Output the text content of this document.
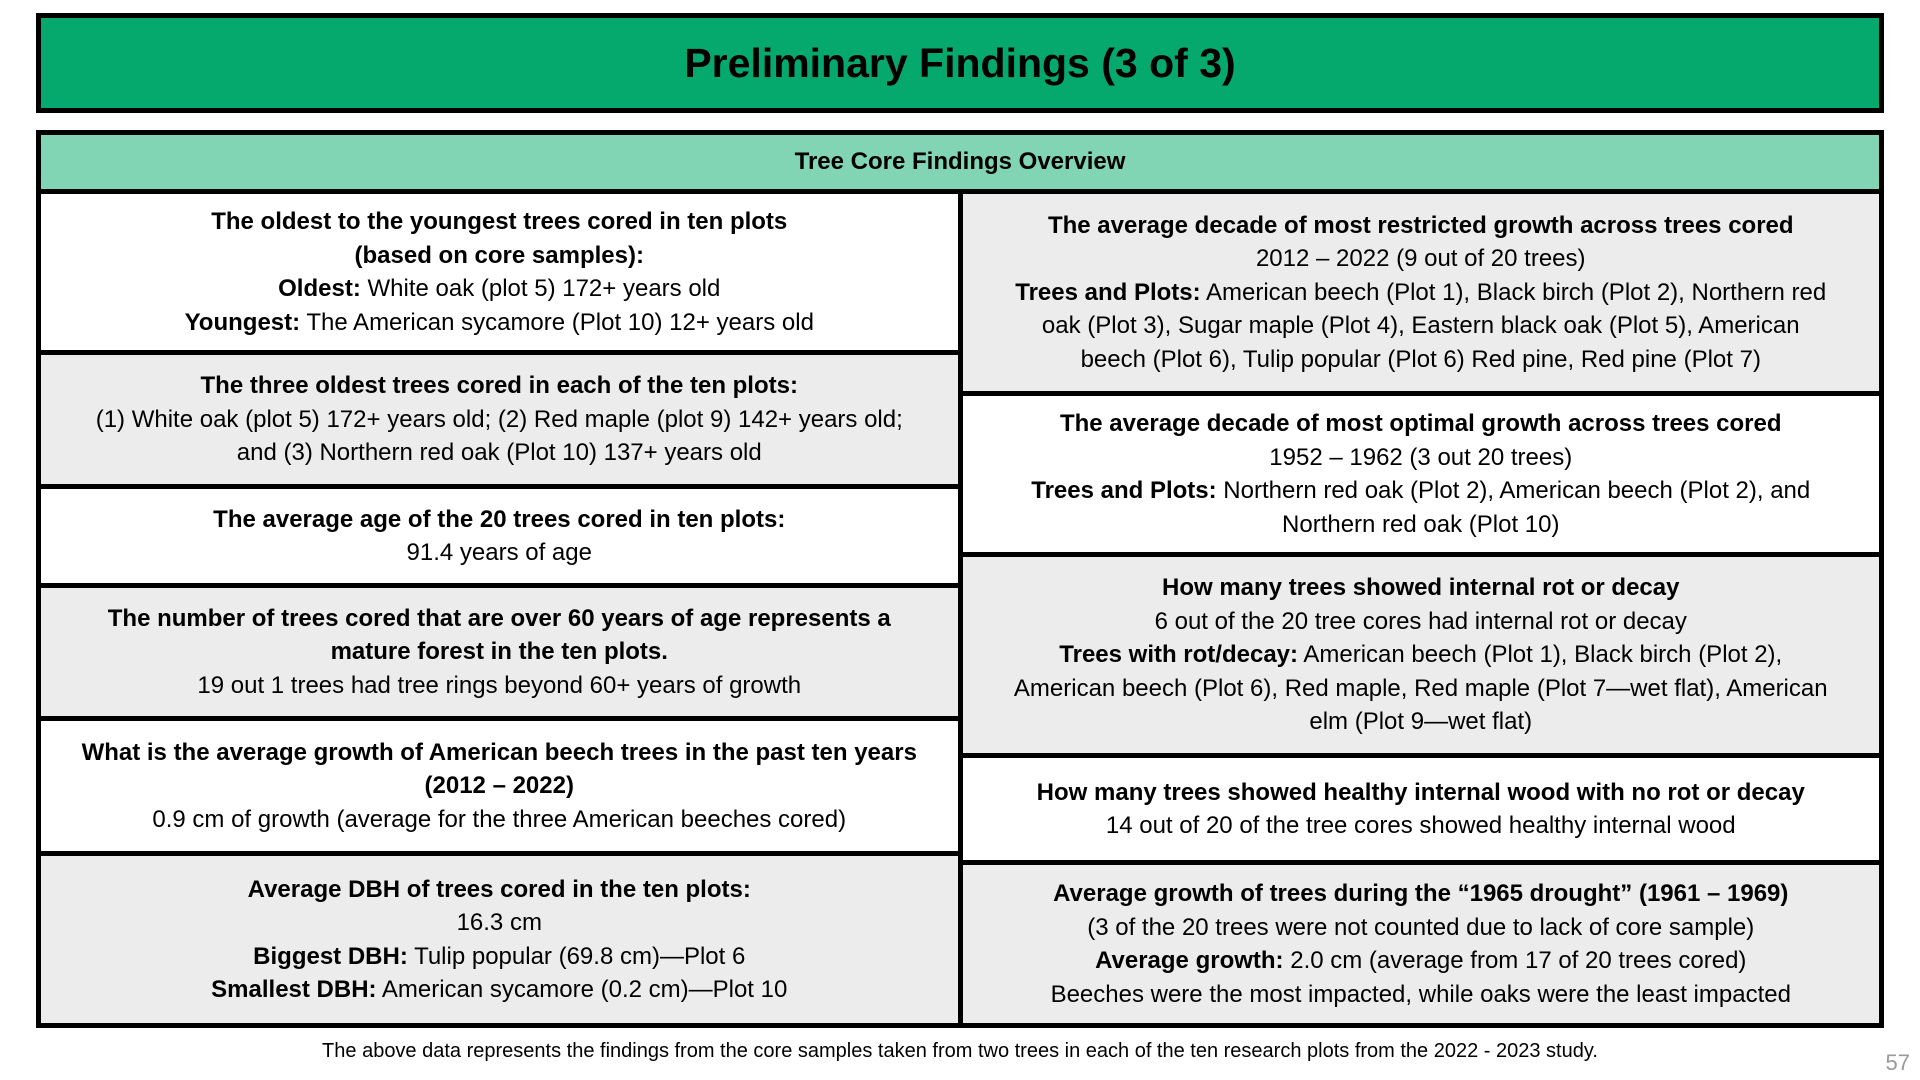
Preliminary Findings (3 of 3)
Tree Core Findings Overview

The oldest to the youngest trees cored in ten plots

(based on core samples):

Oldest: White oak (plot 5) 172+ years old

Youngest: The American sycamore (Plot 10) 12+ years old

The three oldest trees cored in each of the ten plots:

(1) White oak (plot 5) 172+ years old; (2) Red maple (plot 9) 142+ years old;

and (3) Northern red oak (Plot 10) 137+ years old

The average age of the 20 trees cored in ten plots:

91.4 years of age

The number of trees cored that are over 60 years of age represents a

mature forest in the ten plots.

19 out 1 trees had tree rings beyond 60+ years of growth

What is the average growth of American beech trees in the past ten years

(2012 – 2022)

0.9 cm of growth (average for the three American beeches cored)

Average DBH of trees cored in the ten plots:

16.3 cm

Biggest DBH: Tulip popular (69.8 cm)—Plot 6

Smallest DBH: American sycamore (0.2 cm)—Plot 10

The average decade of most restricted growth across trees cored

2012 – 2022 (9 out of 20 trees)

Trees and Plots: American beech (Plot 1), Black birch (Plot 2), Northern red

oak (Plot 3), Sugar maple (Plot 4), Eastern black oak (Plot 5), American

beech (Plot 6), Tulip popular (Plot 6) Red pine, Red pine (Plot 7)

The average decade of most optimal growth across trees cored

1952 – 1962 (3 out 20 trees)

Trees and Plots: Northern red oak (Plot 2), American beech (Plot 2), and

Northern red oak (Plot 10)

How many trees showed internal rot or decay

6 out of the 20 tree cores had internal rot or decay

Trees with rot/decay: American beech (Plot 1), Black birch (Plot 2),

American beech (Plot 6), Red maple, Red maple (Plot 7—wet flat), American

elm (Plot 9—wet flat)

How many trees showed healthy internal wood with no rot or decay

14 out of 20 of the tree cores showed healthy internal wood

Average growth of trees during the “1965 drought” (1961 – 1969)

(3 of the 20 trees were not counted due to lack of core sample)

Average growth: 2.0 cm (average from 17 of 20 trees cored)

Beeches were the most impacted, while oaks were the least impacted

The above data represents the findings from the core samples taken from two trees in each of the ten research plots from the 2022 - 2023 study.	57
